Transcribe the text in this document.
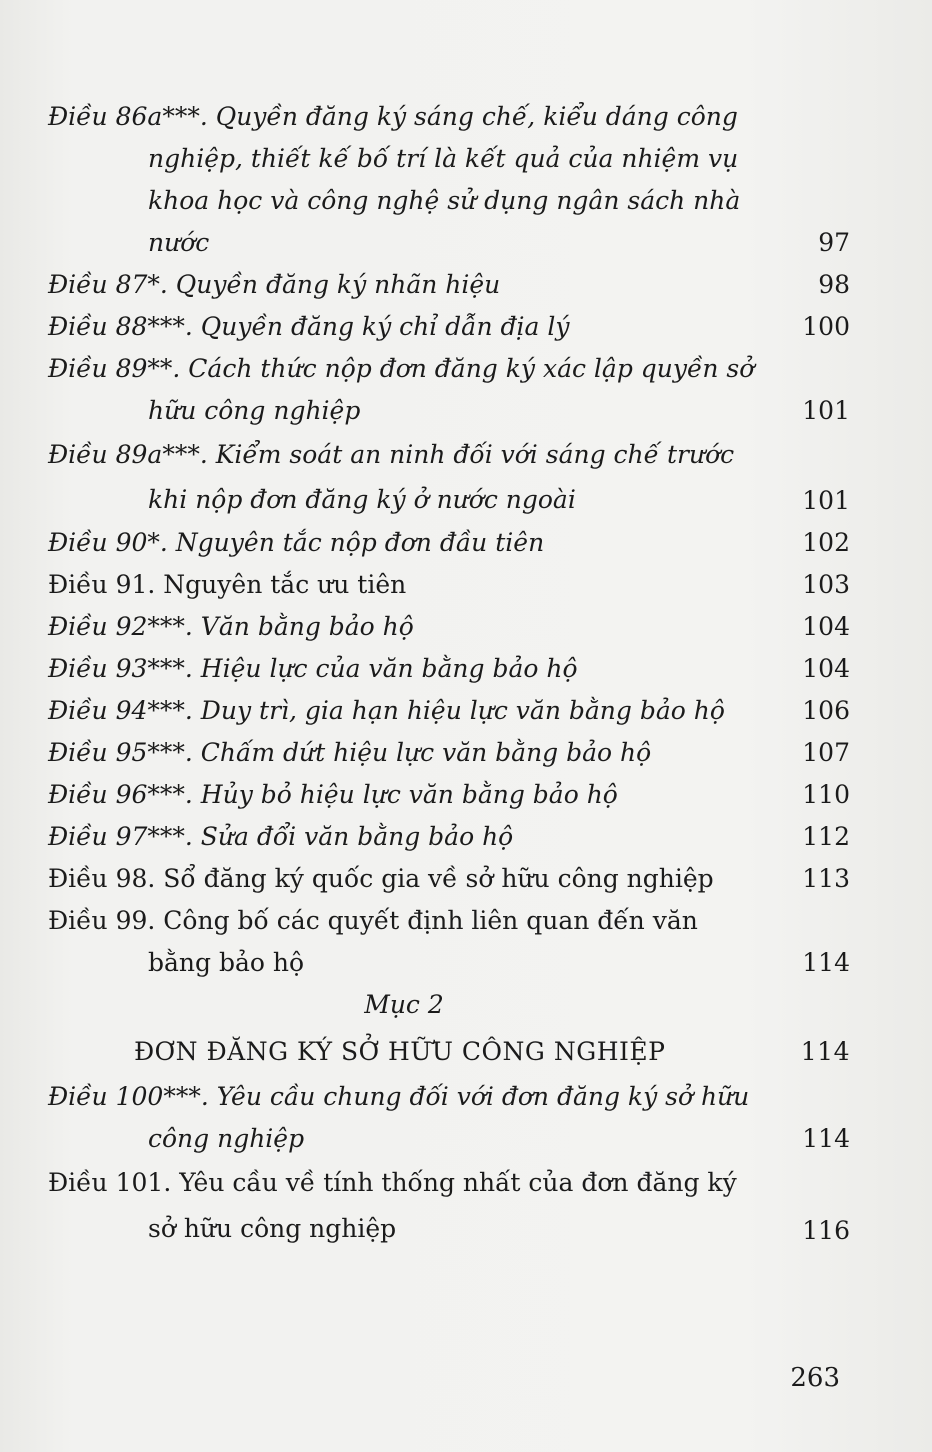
Điều 86a***. Quyền đăng ký sáng chế, kiểu dáng công nghiệp, thiết kế bố trí là kết quả của nhiệm vụ khoa học và công nghệ sử dụng ngân sách nhà nước	97
Điều 87*. Quyền đăng ký nhãn hiệu	98
Điều 88***. Quyền đăng ký chỉ dẫn địa lý	100
Điều 89**. Cách thức nộp đơn đăng ký xác lập quyền sở hữu công nghiệp	101
Điều 89a***. Kiểm soát an ninh đối với sáng chế trước khi nộp đơn đăng ký ở nước ngoài	101
Điều 90*. Nguyên tắc nộp đơn đầu tiên	102
Điều 91. Nguyên tắc ưu tiên	103
Điều 92***. Văn bằng bảo hộ	104
Điều 93***. Hiệu lực của văn bằng bảo hộ	104
Điều 94***. Duy trì, gia hạn hiệu lực văn bằng bảo hộ	106
Điều 95***. Chấm dứt hiệu lực văn bằng bảo hộ	107
Điều 96***. Hủy bỏ hiệu lực văn bằng bảo hộ	110
Điều 97***. Sửa đổi văn bằng bảo hộ	112
Điều 98. Sổ đăng ký quốc gia về sở hữu công nghiệp	113
Điều 99. Công bố các quyết định liên quan đến văn bằng bảo hộ	114
Mục 2
ĐƠN ĐĂNG KÝ SỞ HỮU CÔNG NGHIỆP	114
Điều 100***. Yêu cầu chung đối với đơn đăng ký sở hữu công nghiệp	114
Điều 101. Yêu cầu về tính thống nhất của đơn đăng ký sở hữu công nghiệp	116
263
